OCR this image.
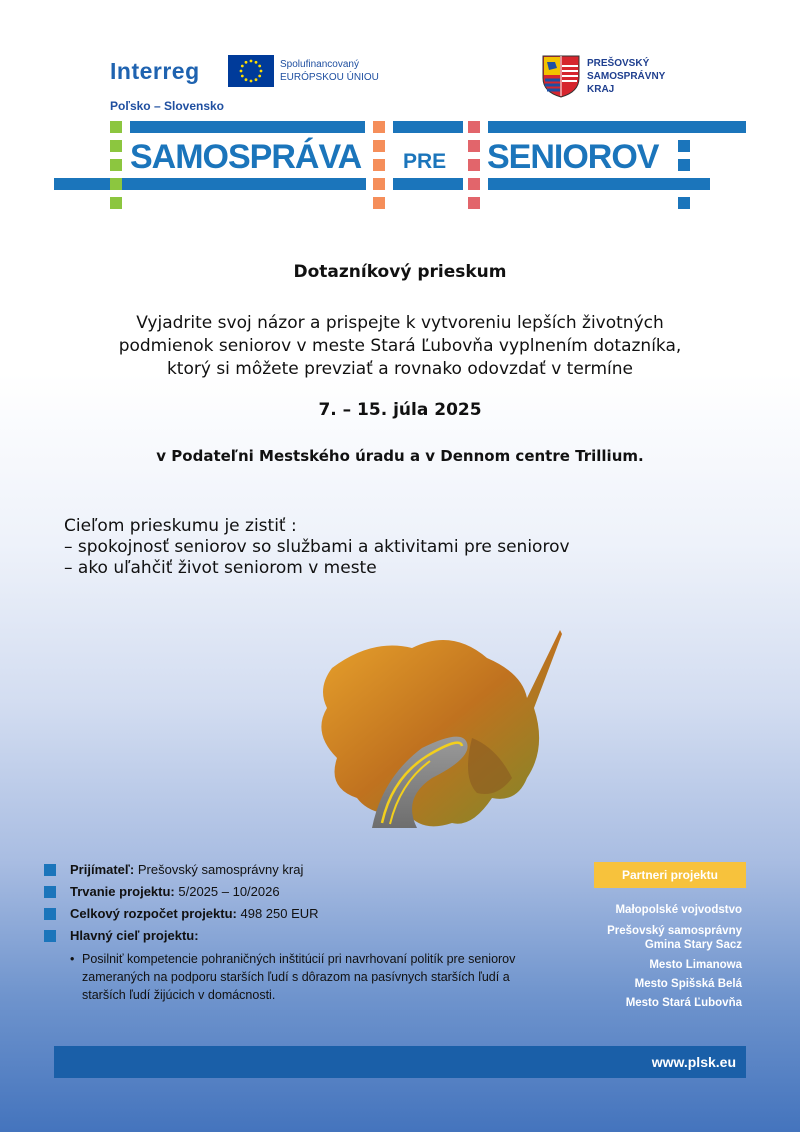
Interreg	Spolufinancovaný
EURÓPSKOU ÚNIOU
Poľsko – Slovensko
PREŠOVSKÝ
SAMOSPRÁVNY
KRAJ
SAMOSPRÁVA PRE SENIOROV
Dotazníkový prieskum
Vyjadrite svoj názor a prispejte k vytvoreniu lepších životných
podmienok seniorov v meste Stará Ľubovňa vyplnením dotazníka,
ktorý si môžete prevziať a rovnako odovzdať v termíne
7. – 15. júla 2025
v Podateľni Mestského úradu a v Dennom centre Trillium.
Cieľom prieskumu je zistiť :
– spokojnosť seniorov so službami a aktivitami pre seniorov
– ako uľahčiť život seniorom v meste
Prijímateľ: Prešovský samosprávny kraj
Trvanie projektu: 5/2025 – 10/2026
Celkový rozpočet projektu: 498 250 EUR
Hlavný cieľ projektu:
• Posilniť kompetencie pohraničných inštitúcií pri navrhovaní politík pre seniorov zameraných na podporu starších ľudí s dôrazom na pasívnych starších ľudí a starších ľudí žijúcich v domácnosti.
Partneri projektu
Małopolské vojvodstvo
Prešovský samosprávny
Gmina Stary Sacz
Mesto Limanowa
Mesto Spišská Belá
Mesto Stará Ľubovňa
www.plsk.eu
